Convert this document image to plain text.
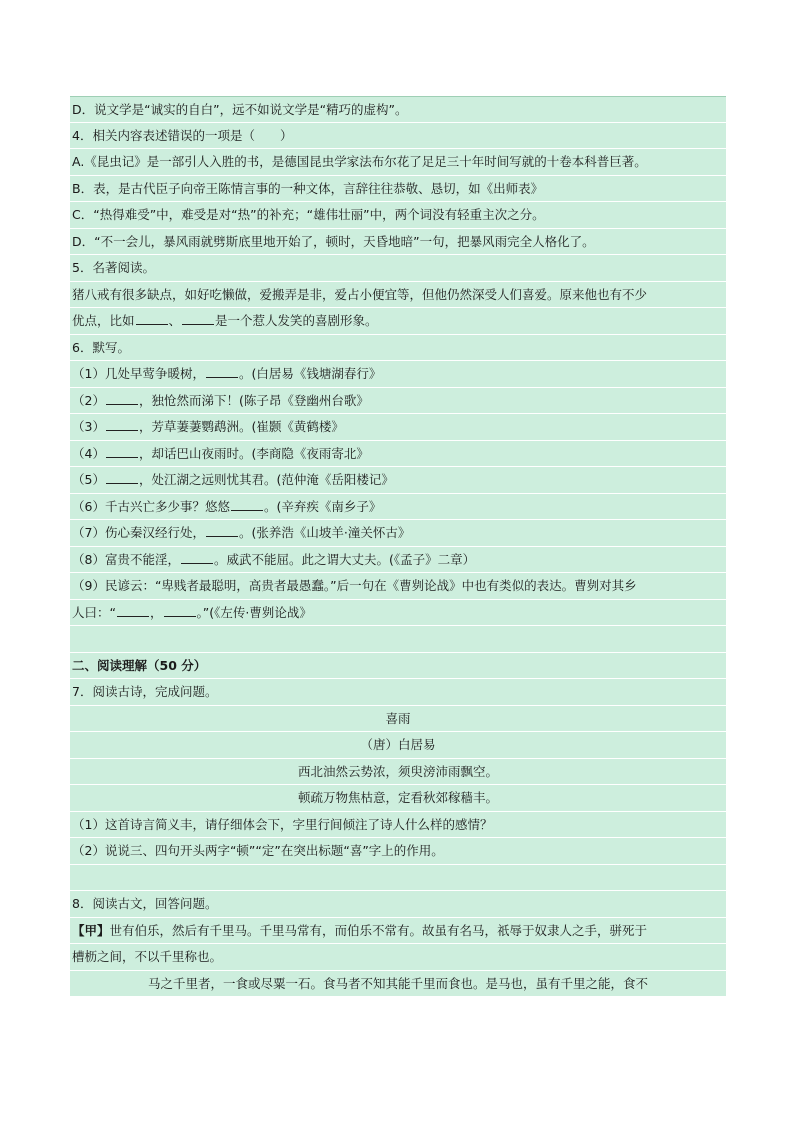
D．说文学是“诚实的自白”，远不如说文学是“精巧的虚构”。
4．相关内容表述错误的一项是（　　）
A.《昆虫记》是一部引人入胜的书，是德国昆虫学家法布尔花了足足三十年时间写就的十卷本科普巨著。
B．表，是古代臣子向帝王陈情言事的一种文体，言辞往往恭敬、恳切，如《出师表》
C．“热得难受”中，难受是对“热”的补充；“雄伟壮丽”中，两个词没有轻重主次之分。
D．“不一会儿，暴风雨就劈斯底里地开始了，顿时，天昏地暗”一句，把暴风雨完全人格化了。
5．名著阅读。
猪八戒有很多缺点，如好吃懒做，爱搬弄是非，爱占小便宜等，但他仍然深受人们喜爱。原来他也有不少
优点，比如	、	是一个惹人发笑的喜剧形象。
6．默写。
（1）几处早莺争暖树，	。(白居易《钱塘湖春行》
（2）	，独怆然而涕下！(陈子昂《登幽州台歌》
（3）	，芳草萋萋鹦鹉洲。(崔颢《黄鹤楼》
（4）	，却话巴山夜雨时。(李商隐《夜雨寄北》
（5）	，处江湖之远则忧其君。(范仲淹《岳阳楼记》
（6）千古兴亡多少事？悠悠	。(辛弃疾《南乡子》
（7）伤心秦汉经行处，	。(张养浩《山坡羊·潼关怀古》
（8）富贵不能淫，	。威武不能屈。此之谓大丈夫。(《孟子》二章）
（9）民谚云：“卑贱者最聪明，高贵者最愚蠢。”后一句在《曹刿论战》中也有类似的表达。曹刿对其乡
人曰：“	，	。”(《左传·曹刿论战》
二、阅读理解（50 分）
7．阅读古诗，完成问题。
喜雨
（唐）白居易
西北油然云势浓，须臾滂沛雨飘空。
顿疏万物焦枯意，定看秋郊稼穑丰。
（1）这首诗言简义丰，请仔细体会下，字里行间倾注了诗人什么样的感情？
（2）说说三、四句开头两字“顿”“定”在突出标题“喜”字上的作用。
8．阅读古文，回答问题。
【甲】世有伯乐，然后有千里马。千里马常有，而伯乐不常有。故虽有名马，祇辱于奴隶人之手，骈死于
槽枥之间，不以千里称也。
马之千里者，一食或尽粟一石。食马者不知其能千里而食也。是马也，虽有千里之能，食不
